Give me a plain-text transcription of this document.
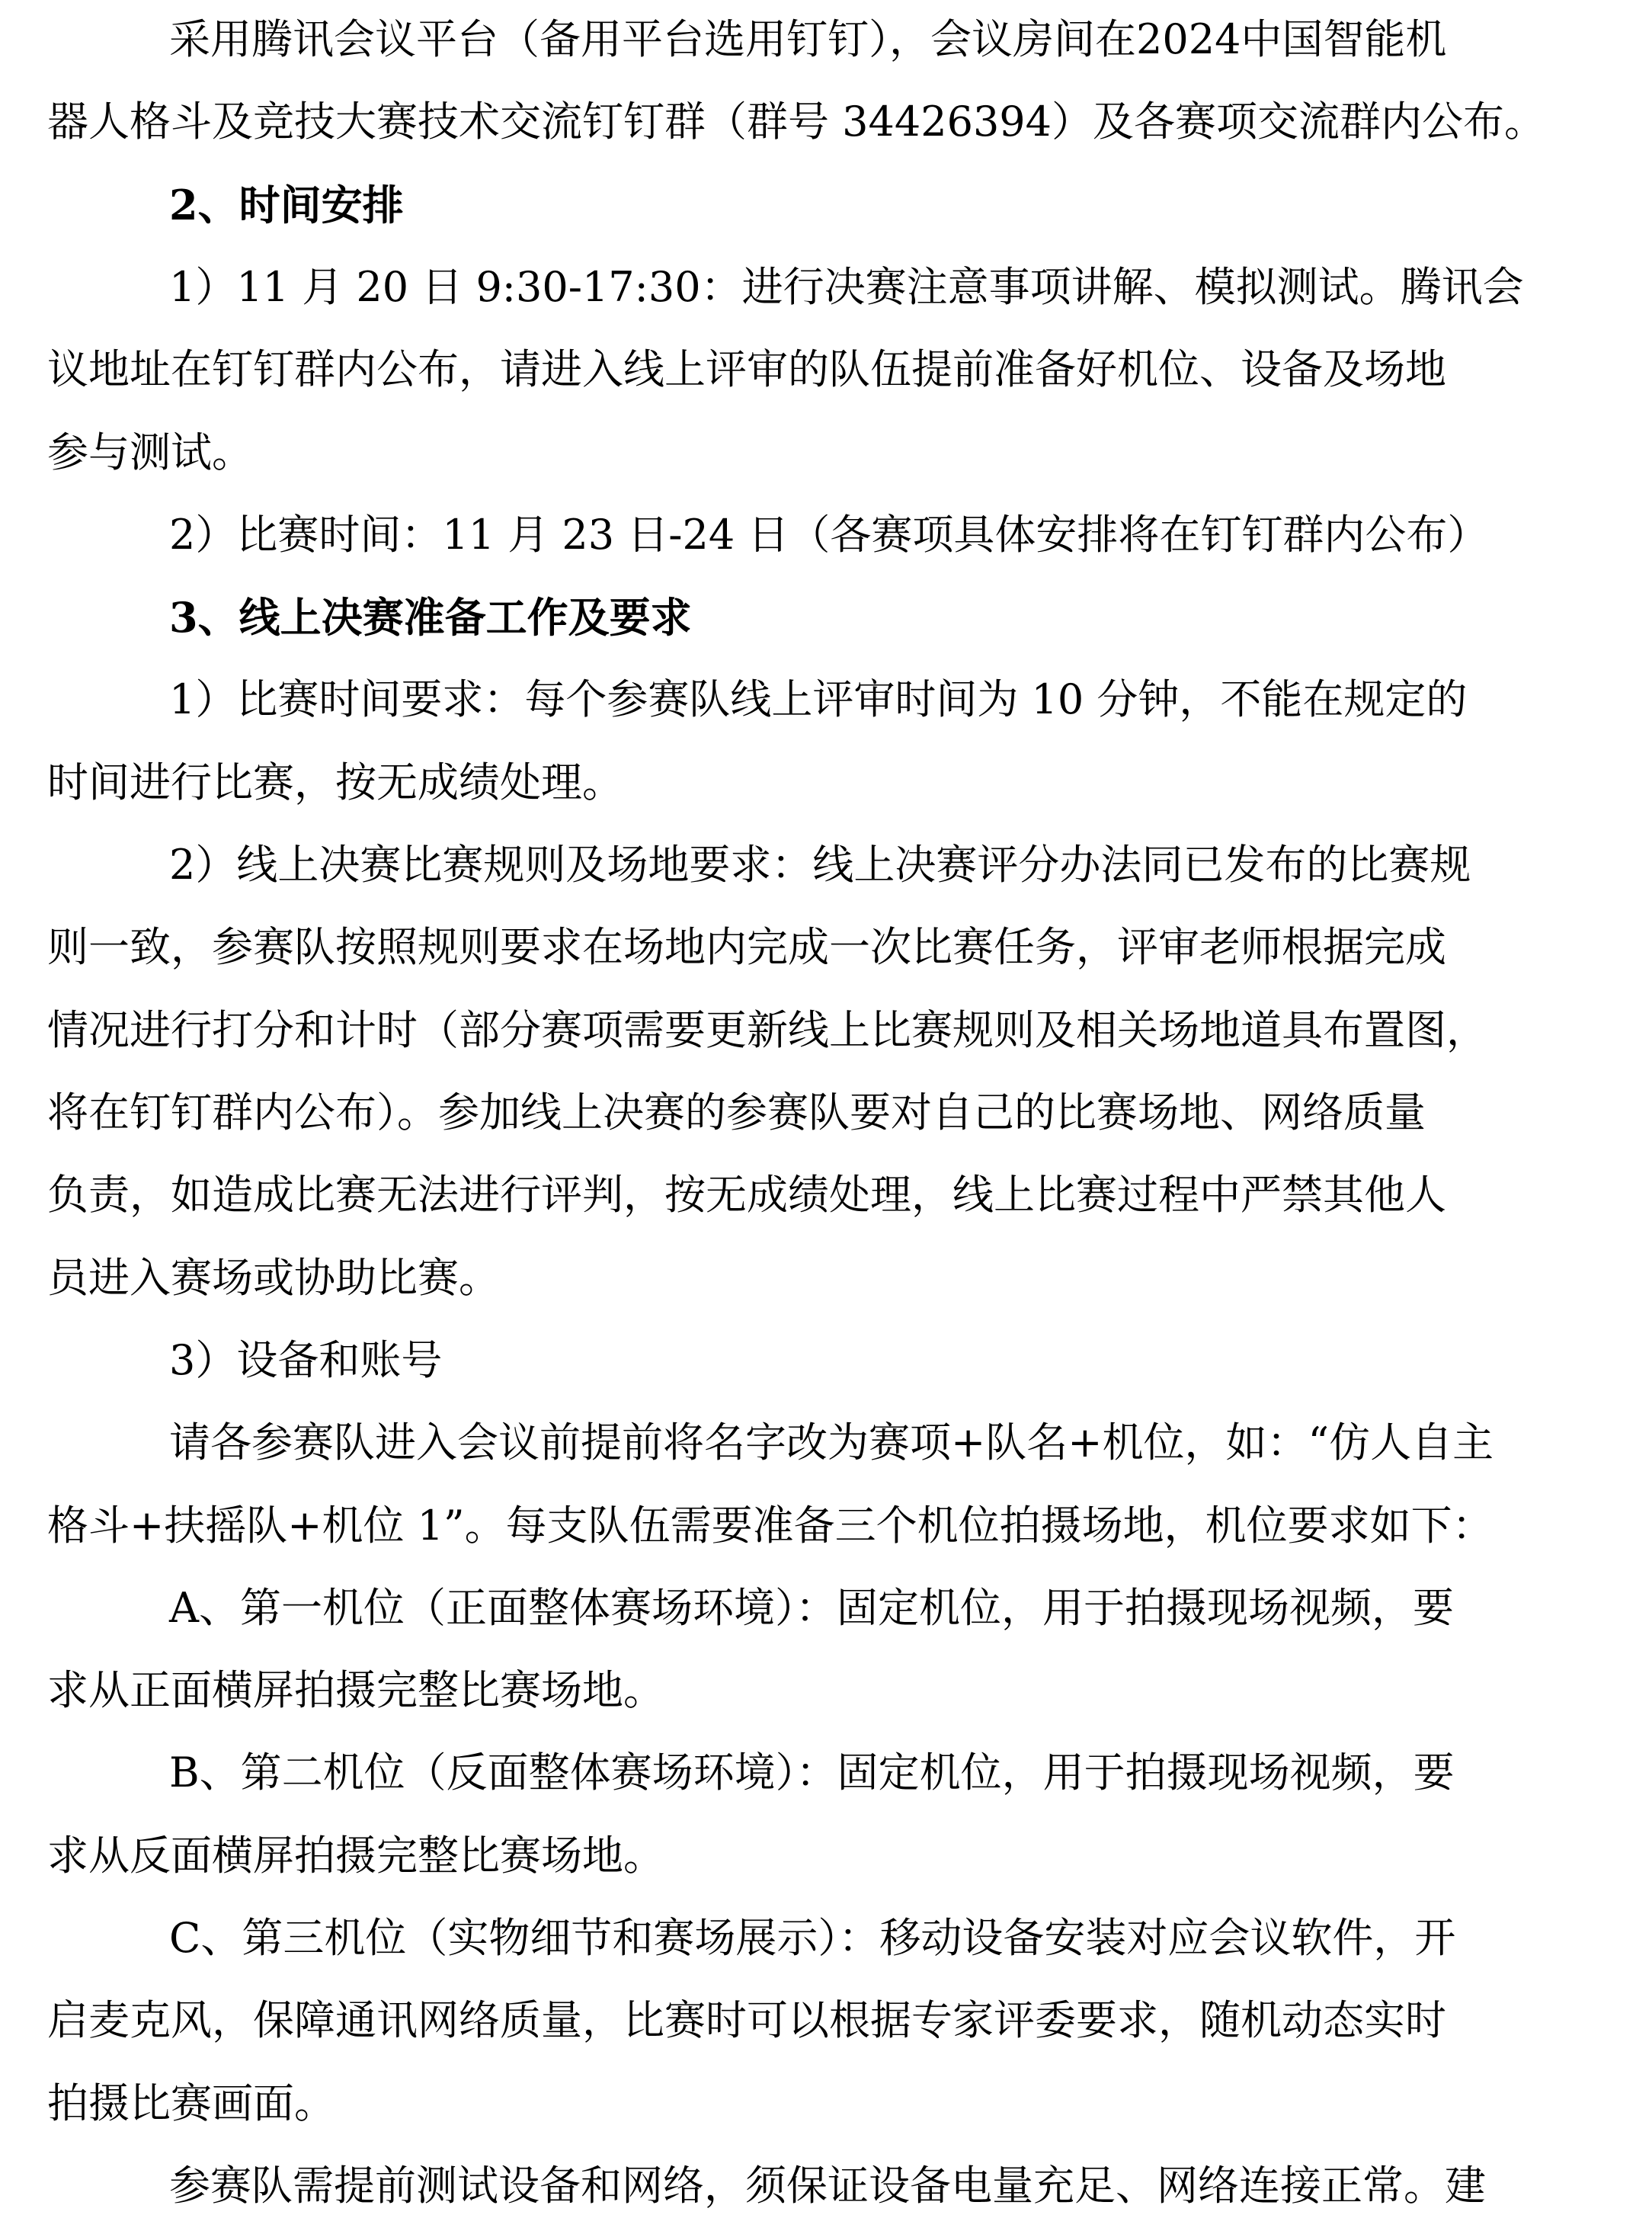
采用腾讯会议平台（备用平台选用钉钉），会议房间在2024中国智能机
器人格斗及竞技大赛技术交流钉钉群（群号 34426394）及各赛项交流群内公布。
2、时间安排
1）11 月 20 日 9:30-17:30：进行决赛注意事项讲解、模拟测试。腾讯会
议地址在钉钉群内公布，请进入线上评审的队伍提前准备好机位、设备及场地
参与测试。
2）比赛时间：11 月 23 日-24 日（各赛项具体安排将在钉钉群内公布）
3、线上决赛准备工作及要求
1）比赛时间要求：每个参赛队线上评审时间为 10 分钟，不能在规定的
时间进行比赛，按无成绩处理。
2）线上决赛比赛规则及场地要求：线上决赛评分办法同已发布的比赛规
则一致，参赛队按照规则要求在场地内完成一次比赛任务，评审老师根据完成
情况进行打分和计时（部分赛项需要更新线上比赛规则及相关场地道具布置图，
将在钉钉群内公布）。参加线上决赛的参赛队要对自己的比赛场地、网络质量
负责，如造成比赛无法进行评判，按无成绩处理，线上比赛过程中严禁其他人
员进入赛场或协助比赛。
3）设备和账号
请各参赛队进入会议前提前将名字改为赛项+队名+机位，如：“仿人自主
格斗+扶摇队+机位 1”。每支队伍需要准备三个机位拍摄场地，机位要求如下：
A、第一机位（正面整体赛场环境）：固定机位，用于拍摄现场视频，要
求从正面横屏拍摄完整比赛场地。
B、第二机位（反面整体赛场环境）：固定机位，用于拍摄现场视频，要
求从反面横屏拍摄完整比赛场地。
C、第三机位（实物细节和赛场展示）：移动设备安装对应会议软件，开
启麦克风，保障通讯网络质量，比赛时可以根据专家评委要求，随机动态实时
拍摄比赛画面。
参赛队需提前测试设备和网络，须保证设备电量充足、网络连接正常。建
